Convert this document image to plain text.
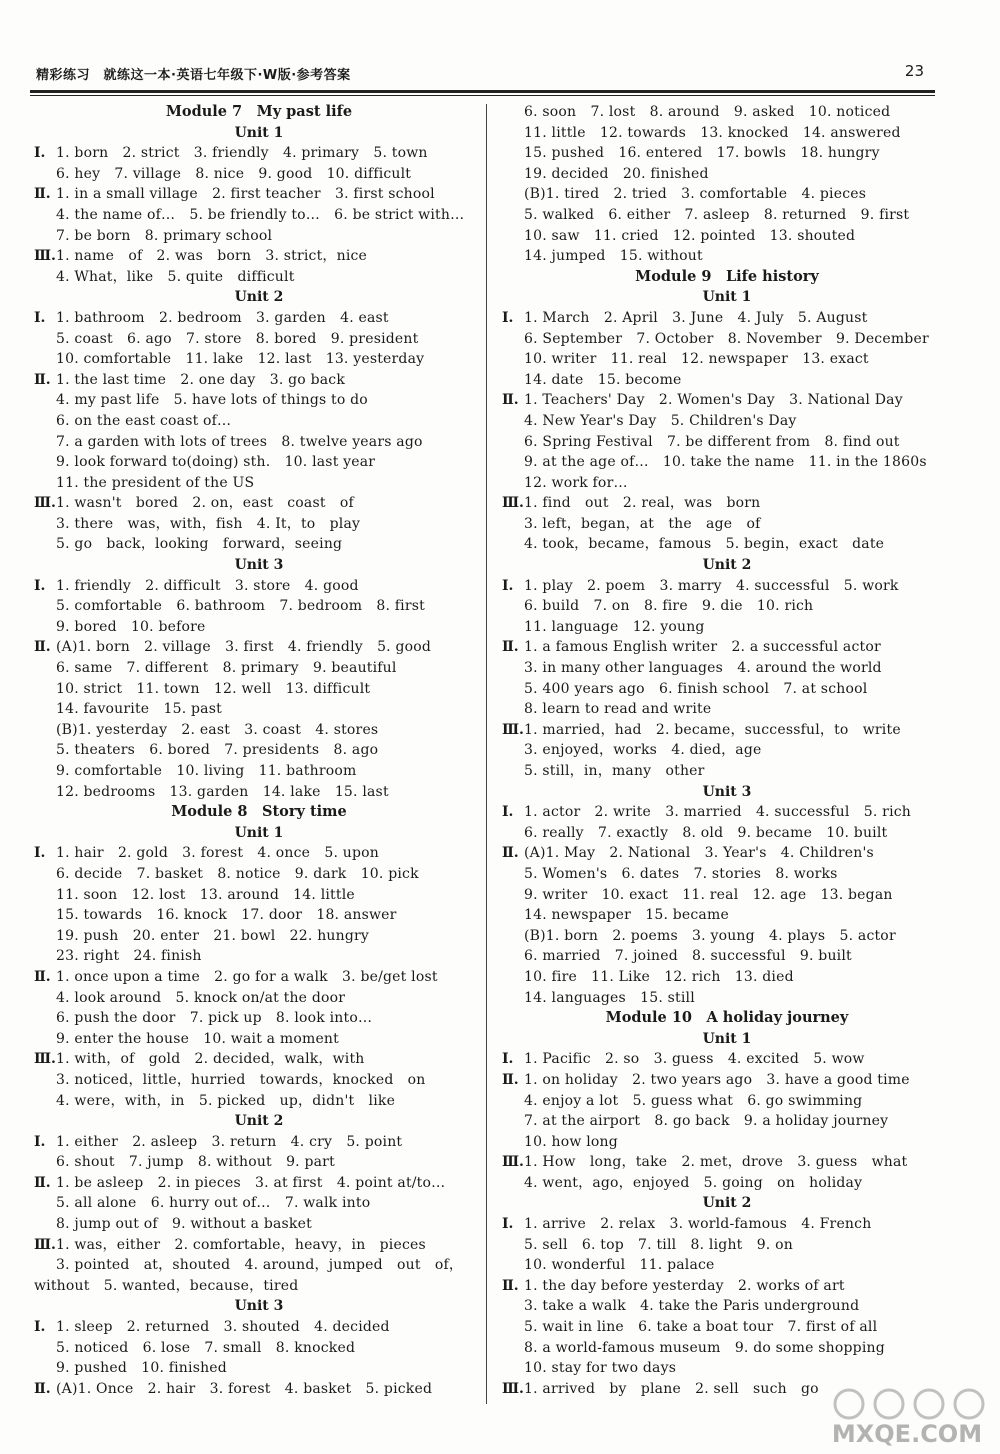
精彩练习　就练这一本·英语七年级下·W版·参考答案	23
Module 7　My past life
Unit 1
Ⅰ. 1. born　2. strict　3. friendly　4. primary　5. town
6. hey　7. village　8. nice　9. good　10. difficult
Ⅱ. 1. in a small village　2. first teacher　3. first school
4. the name of…　5. be friendly to…　6. be strict with…
7. be born　8. primary school
Ⅲ.1. name　of　2. was　born　3. strict，nice
4. What，like　5. quite　difficult
Unit 2
Ⅰ. 1. bathroom　2. bedroom　3. garden　4. east
5. coast　6. ago　7. store　8. bored　9. president
10. comfortable　11. lake　12. last　13. yesterday
Ⅱ. 1. the last time　2. one day　3. go back
4. my past life　5. have lots of things to do
6. on the east coast of…
7. a garden with lots of trees　8. twelve years ago
9. look forward to(doing) sth.　10. last year
11. the president of the US
Ⅲ.1. wasn't　bored　2. on，east　coast　of
3. there　was，with，fish　4. It，to　play
5. go　back，looking　forward，seeing
Unit 3
Ⅰ. 1. friendly　2. difficult　3. store　4. good
5. comfortable　6. bathroom　7. bedroom　8. first
9. bored　10. before
Ⅱ. (A)1. born　2. village　3. first　4. friendly　5. good
6. same　7. different　8. primary　9. beautiful
10. strict　11. town　12. well　13. difficult
14. favourite　15. past
(B)1. yesterday　2. east　3. coast　4. stores
5. theaters　6. bored　7. presidents　8. ago
9. comfortable　10. living　11. bathroom
12. bedrooms　13. garden　14. lake　15. last
Module 8　Story time
Unit 1
Ⅰ. 1. hair　2. gold　3. forest　4. once　5. upon
6. decide　7. basket　8. notice　9. dark　10. pick
11. soon　12. lost　13. around　14. little
15. towards　16. knock　17. door　18. answer
19. push　20. enter　21. bowl　22. hungry
23. right　24. finish
Ⅱ. 1. once upon a time　2. go for a walk　3. be/get lost
4. look around　5. knock on/at the door
6. push the door　7. pick up　8. look into…
9. enter the house　10. wait a moment
Ⅲ.1. with，of　gold　2. decided，walk，with
3. noticed，little，hurried　towards，knocked　on
4. were，with，in　5. picked　up，didn't　like
Unit 2
Ⅰ. 1. either　2. asleep　3. return　4. cry　5. point
6. shout　7. jump　8. without　9. part
Ⅱ. 1. be asleep　2. in pieces　3. at first　4. point at/to…
5. all alone　6. hurry out of…　7. walk into
8. jump out of　9. without a basket
Ⅲ.1. was，either　2. comfortable，heavy，in　pieces
3. pointed　at，shouted　4. around，jumped　out　of，
without　5. wanted，because，tired
Unit 3
Ⅰ. 1. sleep　2. returned　3. shouted　4. decided
5. noticed　6. lose　7. small　8. knocked
9. pushed　10. finished
Ⅱ. (A)1. Once　2. hair　3. forest　4. basket　5. picked
6. soon　7. lost　8. around　9. asked　10. noticed
11. little　12. towards　13. knocked　14. answered
15. pushed　16. entered　17. bowls　18. hungry
19. decided　20. finished
(B)1. tired　2. tried　3. comfortable　4. pieces
5. walked　6. either　7. asleep　8. returned　9. first
10. saw　11. cried　12. pointed　13. shouted
14. jumped　15. without
Module 9　Life history
Unit 1
Ⅰ. 1. March　2. April　3. June　4. July　5. August
6. September　7. October　8. November　9. December
10. writer　11. real　12. newspaper　13. exact
14. date　15. become
Ⅱ. 1. Teachers' Day　2. Women's Day　3. National Day
4. New Year's Day　5. Children's Day
6. Spring Festival　7. be different from　8. find out
9. at the age of…　10. take the name　11. in the 1860s
12. work for…
Ⅲ.1. find　out　2. real，was　born
3. left，began，at　the　age　of
4. took，became，famous　5. begin，exact　date
Unit 2
Ⅰ. 1. play　2. poem　3. marry　4. successful　5. work
6. build　7. on　8. fire　9. die　10. rich
11. language　12. young
Ⅱ. 1. a famous English writer　2. a successful actor
3. in many other languages　4. around the world
5. 400 years ago　6. finish school　7. at school
8. learn to read and write
Ⅲ.1. married，had　2. became，successful，to　write
3. enjoyed，works　4. died，age
5. still，in，many　other
Unit 3
Ⅰ. 1. actor　2. write　3. married　4. successful　5. rich
6. really　7. exactly　8. old　9. became　10. built
Ⅱ. (A)1. May　2. National　3. Year's　4. Children's
5. Women's　6. dates　7. stories　8. works
9. writer　10. exact　11. real　12. age　13. began
14. newspaper　15. became
(B)1. born　2. poems　3. young　4. plays　5. actor
6. married　7. joined　8. successful　9. built
10. fire　11. Like　12. rich　13. died
14. languages　15. still
Module 10　A holiday journey
Unit 1
Ⅰ. 1. Pacific　2. so　3. guess　4. excited　5. wow
Ⅱ. 1. on holiday　2. two years ago　3. have a good time
4. enjoy a lot　5. guess what　6. go swimming
7. at the airport　8. go back　9. a holiday journey
10. how long
Ⅲ.1. How　long，take　2. met，drove　3. guess　what
4. went，ago，enjoyed　5. going　on　holiday
Unit 2
Ⅰ. 1. arrive　2. relax　3. world-famous　4. French
5. sell　6. top　7. till　8. light　9. on
10. wonderful　11. palace
Ⅱ. 1. the day before yesterday　2. works of art
3. take a walk　4. take the Paris underground
5. wait in line　6. take a boat tour　7. first of all
8. a world-famous museum　9. do some shopping
10. stay for two days
Ⅲ.1. arrived　by　plane　2. sell　such　go
MXQE.COM
